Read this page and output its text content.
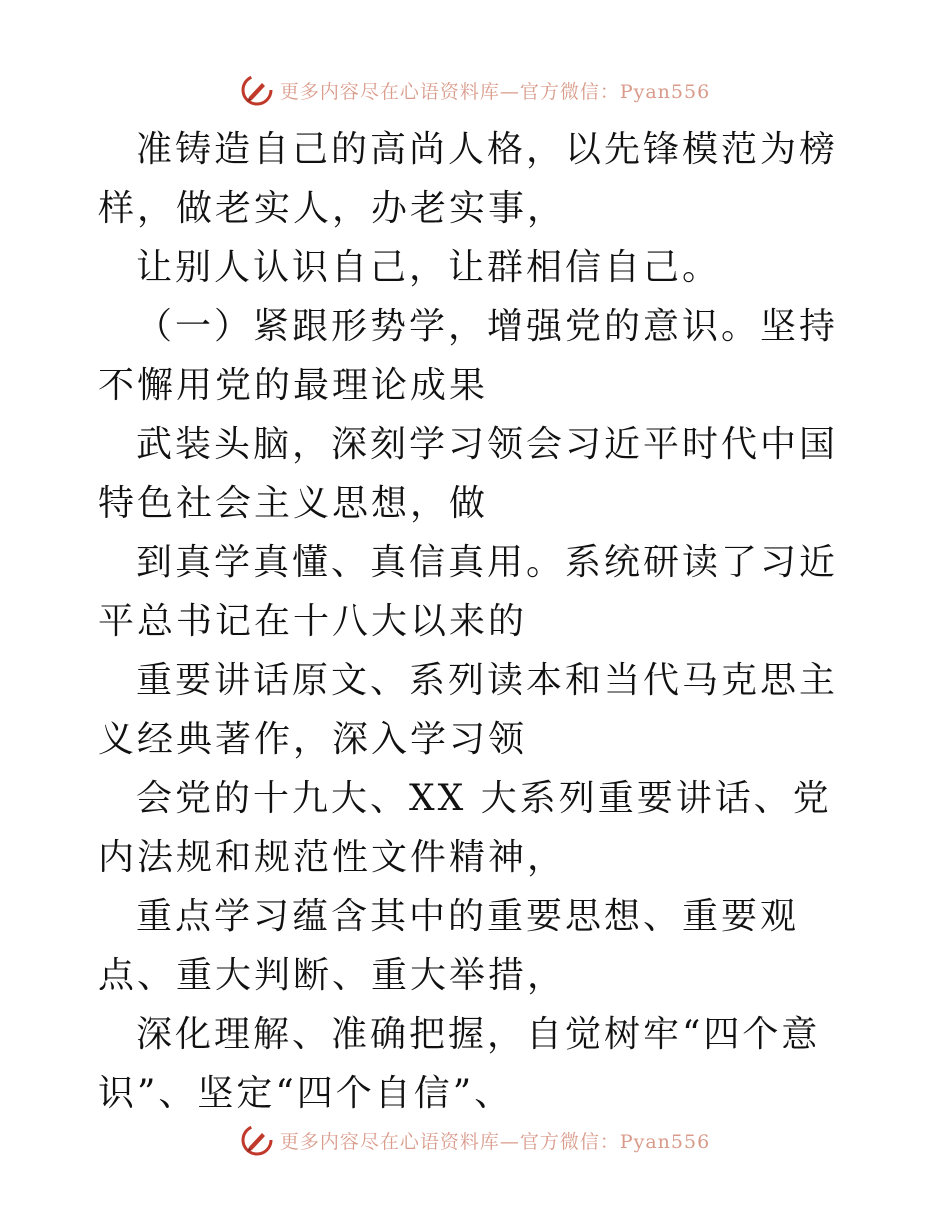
更多内容尽在心语资料库—官方微信：Pyan556

准铸造自己的高尚人格，以先锋模范为榜样，做老实人，办老实事，

让别人认识自己，让群相信自己。

（一）紧跟形势学，增强党的意识。坚持不懈用党的最理论成果

武装头脑，深刻学习领会习近平时代中国特色社会主义思想，做

到真学真懂、真信真用。系统研读了习近平总书记在十八大以来的

重要讲话原文、系列读本和当代马克思主义经典著作，深入学习领

会党的十九大、XX 大系列重要讲话、党内法规和规范性文件精神，

重点学习蕴含其中的重要思想、重要观点、重大判断、重大举措，

深化理解、准确把握，自觉树牢“四个意识”、坚定“四个自信”、

更多内容尽在心语资料库—官方微信：Pyan556
